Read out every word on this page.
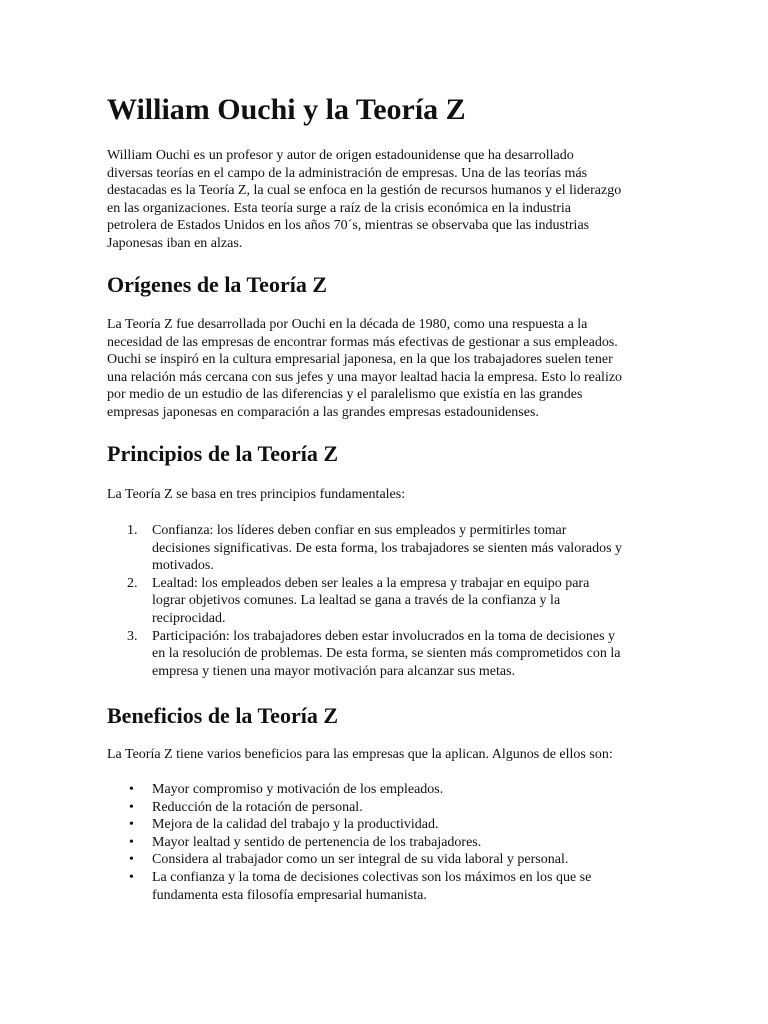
William Ouchi y la Teoría Z

William Ouchi es un profesor y autor de origen estadounidense que ha desarrollado
diversas teorías en el campo de la administración de empresas. Una de las teorías más
destacadas es la Teoría Z, la cual se enfoca en la gestión de recursos humanos y el liderazgo
en las organizaciones. Esta teoría surge a raíz de la crisis económica en la industria
petrolera de Estados Unidos en los años 70´s, mientras se observaba que las industrias
Japonesas iban en alzas.

Orígenes de la Teoría Z

La Teoría Z fue desarrollada por Ouchi en la década de 1980, como una respuesta a la
necesidad de las empresas de encontrar formas más efectivas de gestionar a sus empleados.
Ouchi se inspiró en la cultura empresarial japonesa, en la que los trabajadores suelen tener
una relación más cercana con sus jefes y una mayor lealtad hacia la empresa. Esto lo realizo
por medio de un estudio de las diferencias y el paralelismo que existía en las grandes
empresas japonesas en comparación a las grandes empresas estadounidenses.

Principios de la Teoría Z

La Teoría Z se basa en tres principios fundamentales:

1. Confianza: los líderes deben confiar en sus empleados y permitirles tomar
decisiones significativas. De esta forma, los trabajadores se sienten más valorados y
motivados.
2. Lealtad: los empleados deben ser leales a la empresa y trabajar en equipo para
lograr objetivos comunes. La lealtad se gana a través de la confianza y la
reciprocidad.
3. Participación: los trabajadores deben estar involucrados en la toma de decisiones y
en la resolución de problemas. De esta forma, se sienten más comprometidos con la
empresa y tienen una mayor motivación para alcanzar sus metas.
Beneficios de la Teoría Z

La Teoría Z tiene varios beneficios para las empresas que la aplican. Algunos de ellos son:

• Mayor compromiso y motivación de los empleados.
• Reducción de la rotación de personal.
• Mejora de la calidad del trabajo y la productividad.
• Mayor lealtad y sentido de pertenencia de los trabajadores.
• Considera al trabajador como un ser integral de su vida laboral y personal.
• La confianza y la toma de decisiones colectivas son los máximos en los que se
fundamenta esta filosofía empresarial humanista.
